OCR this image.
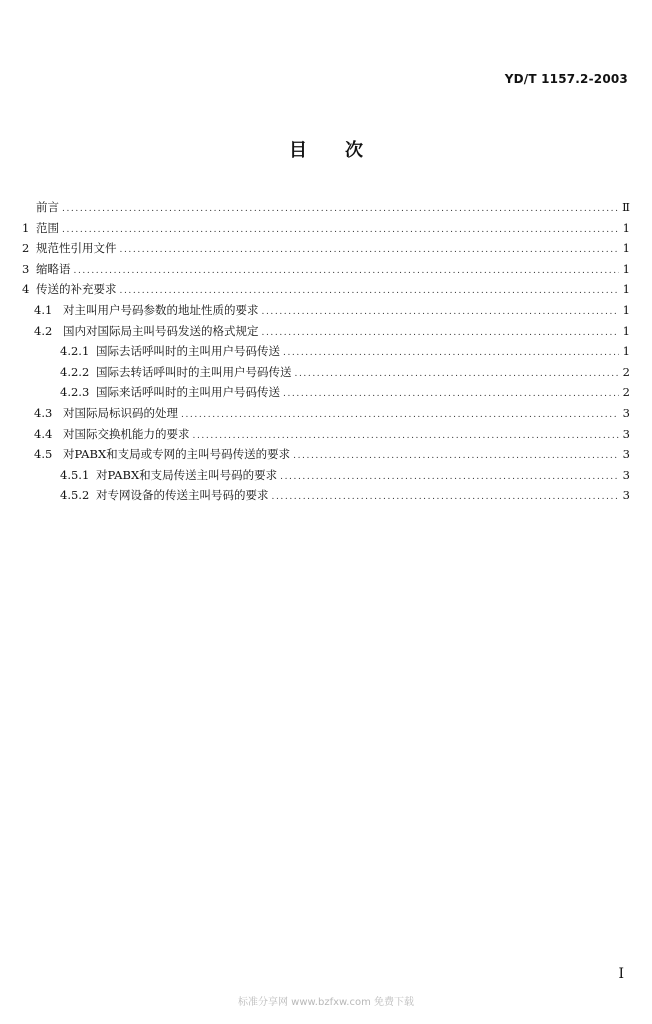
YD/T 1157.2-2003
目次
前言 .....	Ⅱ
1 范围 .....	1
2 规范性引用文件 .....	1
3 缩略语 .....	1
4 传送的补充要求 .....	1
4.1 对主叫用户号码参数的地址性质的要求 .....	1
4.2 国内对国际局主叫号码发送的格式规定 .....	1
4.2.1 国际去话呼叫时的主叫用户号码传送 .....	1
4.2.2 国际去转话呼叫时的主叫用户号码传送 .....	2
4.2.3 国际来话呼叫时的主叫用户号码传送 .....	2
4.3 对国际局标识码的处理 .....	3
4.4 对国际交换机能力的要求 .....	3
4.5 对PABX和支局或专网的主叫号码传送的要求 .....	3
4.5.1 对PABX和支局传送主叫号码的要求 .....	3
4.5.2 对专网设备的传送主叫号码的要求 .....	3
I
标准分享网 www.bzfxw.com 免费下载
